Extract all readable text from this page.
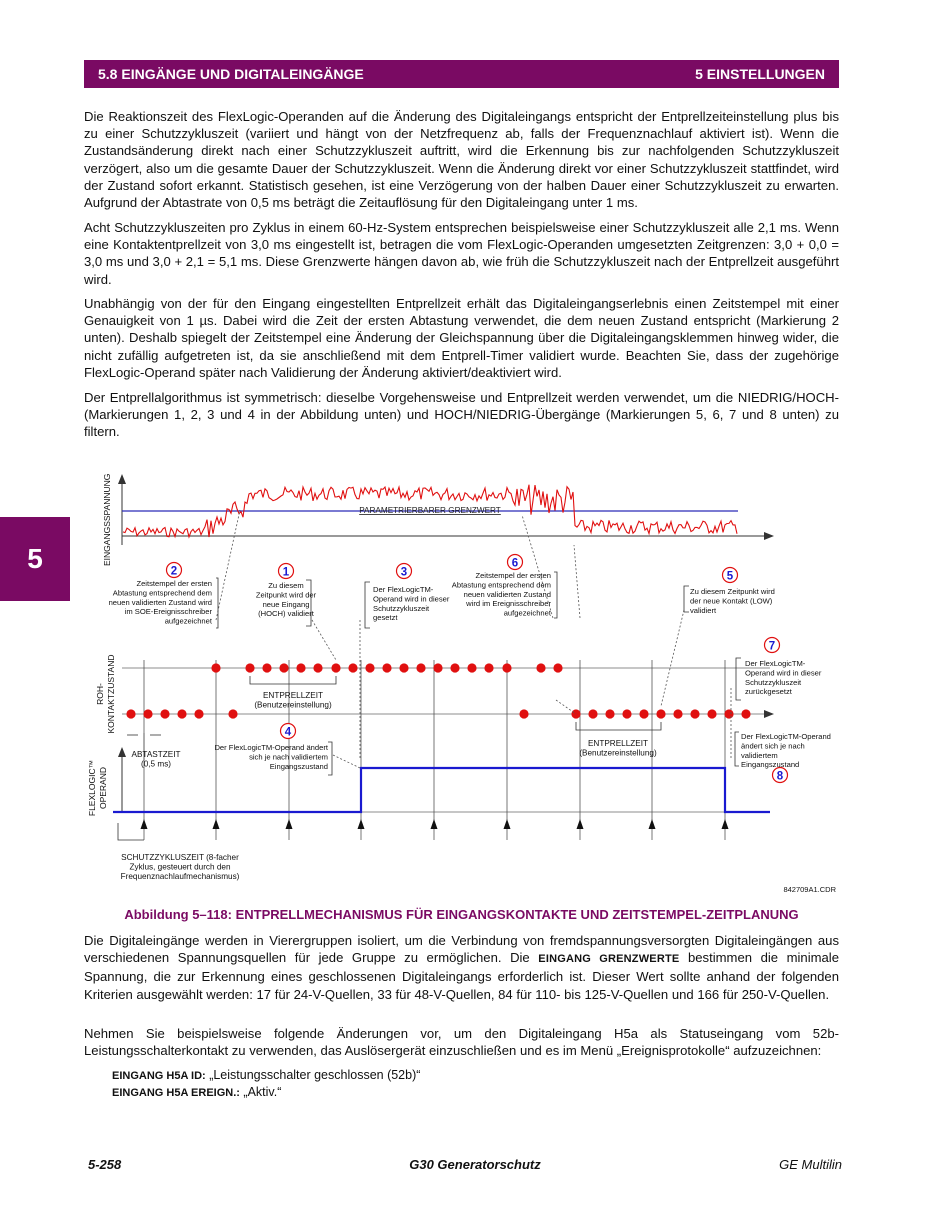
5.8 EINGÄNGE UND DIGITALEINGÄNGE	5 EINSTELLUNGEN
5

Die Reaktionszeit des FlexLogic-Operanden auf die Änderung des Digitaleingangs entspricht der Entprellzeiteinstellung plus bis zu einer Schutzzykluszeit (variiert und hängt von der Netzfrequenz ab, falls der Frequenznachlauf aktiviert ist). Wenn die Zustandsänderung direkt nach einer Schutzzykluszeit auftritt, wird die Erkennung bis zur nachfolgenden Schutzzykluszeit verzögert, also um die gesamte Dauer der Schutzzykluszeit. Wenn die Änderung direkt vor einer Schutzzykluszeit stattfindet, wird der Zustand sofort erkannt. Statistisch gesehen, ist eine Verzögerung von der halben Dauer einer Schutzzykluszeit zu erwarten. Aufgrund der Abtastrate von 0,5 ms beträgt die Zeitauflösung für den Digitaleingang unter 1 ms.

Acht Schutzzykluszeiten pro Zyklus in einem 60-Hz-System entsprechen beispielsweise einer Schutzzykluszeit alle 2,1 ms. Wenn eine Kontaktentprellzeit von 3,0 ms eingestellt ist, betragen die vom FlexLogic-Operanden umgesetzten Zeitgrenzen: 3,0 + 0,0 = 3,0 ms und 3,0 + 2,1 = 5,1 ms. Diese Grenzwerte hängen davon ab, wie früh die Schutzzykluszeit nach der Entprellzeit ausgeführt wird.

Unabhängig von der für den Eingang eingestellten Entprellzeit erhält das Digitaleingangserlebnis einen Zeitstempel mit einer Genauigkeit von 1 µs. Dabei wird die Zeit der ersten Abtastung verwendet, die dem neuen Zustand entspricht (Markierung 2 unten). Deshalb spiegelt der Zeitstempel eine Änderung der Gleichspannung über die Digitaleingangsklemmen hinweg wider, die nicht zufällig aufgetreten ist, da sie anschließend mit dem Entprell-Timer validiert wurde. Beachten Sie, dass der zugehörige FlexLogic-Operand später nach Validierung der Änderung aktiviert/deaktiviert wird.

Der Entprellalgorithmus ist symmetrisch: dieselbe Vorgehensweise und Entprellzeit werden verwendet, um die NIEDRIG/HOCH- (Markierungen 1, 2, 3 und 4 in der Abbildung unten) und HOCH/NIEDRIG-Übergänge (Markierungen 5, 6, 7 und 8 unten) zu filtern.

EINGANGSSPANNUNG
ROH- KONTAKTZUSTAND
FLEXLOGIC™ OPERAND
PARAMETRIERBARER GRENZWERT
ENTPRELLZEIT
(Benutzereinstellung)
ENTPRELLZEIT
(Benutzereinstellung)
ABTASTZEIT
(0,5 ms)
SCHUTZZYKLUSZEIT (8-facher
Zyklus, gesteuert durch den
Frequenznachlaufmechanismus)
842709A1.CDR
1
Zu diesem
Zeitpunkt wird der
neue Eingang
(HOCH) validiert
2
Zeitstempel der ersten
Abtastung entsprechend dem
neuen validierten Zustand wird
im SOE-Ereignisschreiber
aufgezeichnet
3
Der FlexLogicTM-
Operand wird in dieser
Schutzzykluszeit
gesetzt
4
Der FlexLogicTM-Operand ändert
sich je nach validiertem
Eingangszustand
5
Zu diesem Zeitpunkt wird
der neue Kontakt (LOW)
validiert
6
Zeitstempel der ersten
Abtastung entsprechend dem
neuen validierten Zustand
wird im Ereignisschreiber
aufgezeichnet
7
Der FlexLogicTM-
Operand wird in dieser
Schutzzykluszeit
zurückgesetzt
8
Der FlexLogicTM-Operand
ändert sich je nach
validiertem
Eingangszustand
Abbildung 5–118: ENTPRELLMECHANISMUS FÜR EINGANGSKONTAKTE UND ZEITSTEMPEL-ZEITPLANUNG

Die Digitaleingänge werden in Vierergruppen isoliert, um die Verbindung von fremdspannungsversorgten Digitaleingängen aus verschiedenen Spannungsquellen für jede Gruppe zu ermöglichen. Die EINGANG GRENZWERTE bestimmen die minimale Spannung, die zur Erkennung eines geschlossenen Digitaleingangs erforderlich ist. Dieser Wert sollte anhand der folgenden Kriterien ausgewählt werden: 17 für 24-V-Quellen, 33 für 48-V-Quellen, 84 für 110- bis 125-V-Quellen und 166 für 250-V-Quellen.

Nehmen Sie beispielsweise folgende Änderungen vor, um den Digitaleingang H5a als Statuseingang vom 52b-Leistungsschalterkontakt zu verwenden, das Auslösergerät einzuschließen und es im Menü „Ereignisprotokolle“ aufzuzeichnen:

EINGANG H5A ID: „Leistungsschalter geschlossen (52b)“
EINGANG H5A EREIGN.: „Aktiv.“
5-258	G30 Generatorschutz	GE Multilin
